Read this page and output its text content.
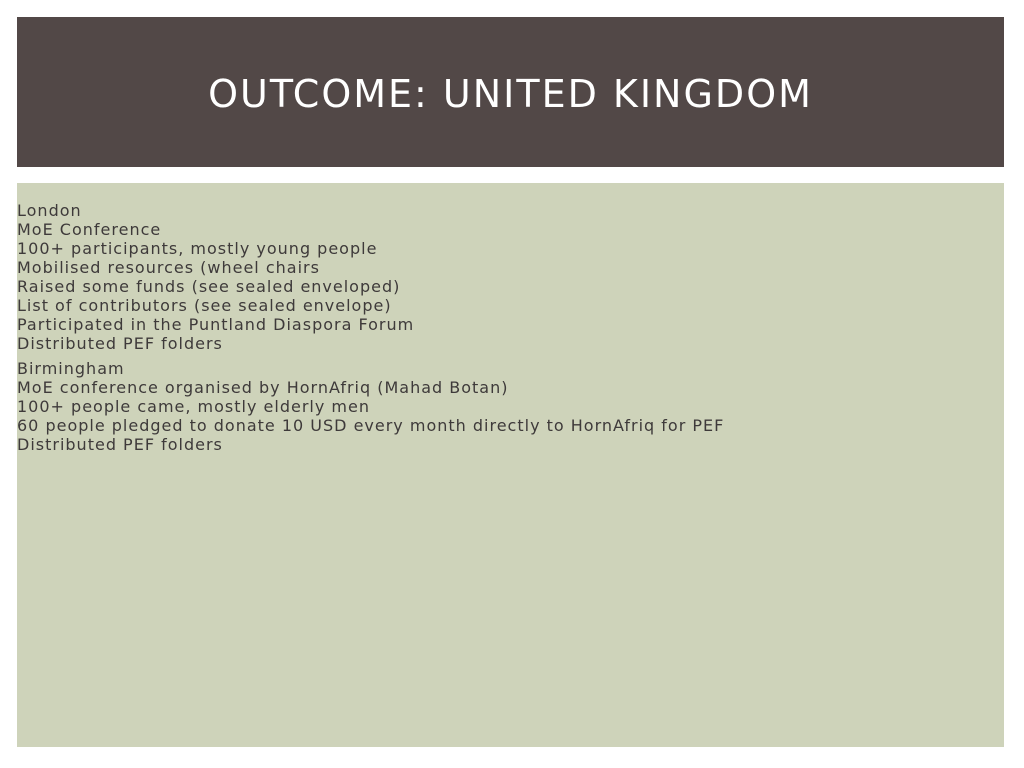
OUTCOME: UNITED KINGDOM
London
MoE Conference
100+ participants, mostly young people
Mobilised resources (wheel chairs
Raised some funds (see sealed enveloped)
List of contributors (see sealed envelope)
Participated in the Puntland Diaspora Forum
Distributed PEF folders
Birmingham
MoE conference organised by HornAfriq (Mahad Botan)
100+ people came, mostly elderly men
60 people pledged to donate 10 USD every month directly to HornAfriq for PEF
Distributed PEF folders
